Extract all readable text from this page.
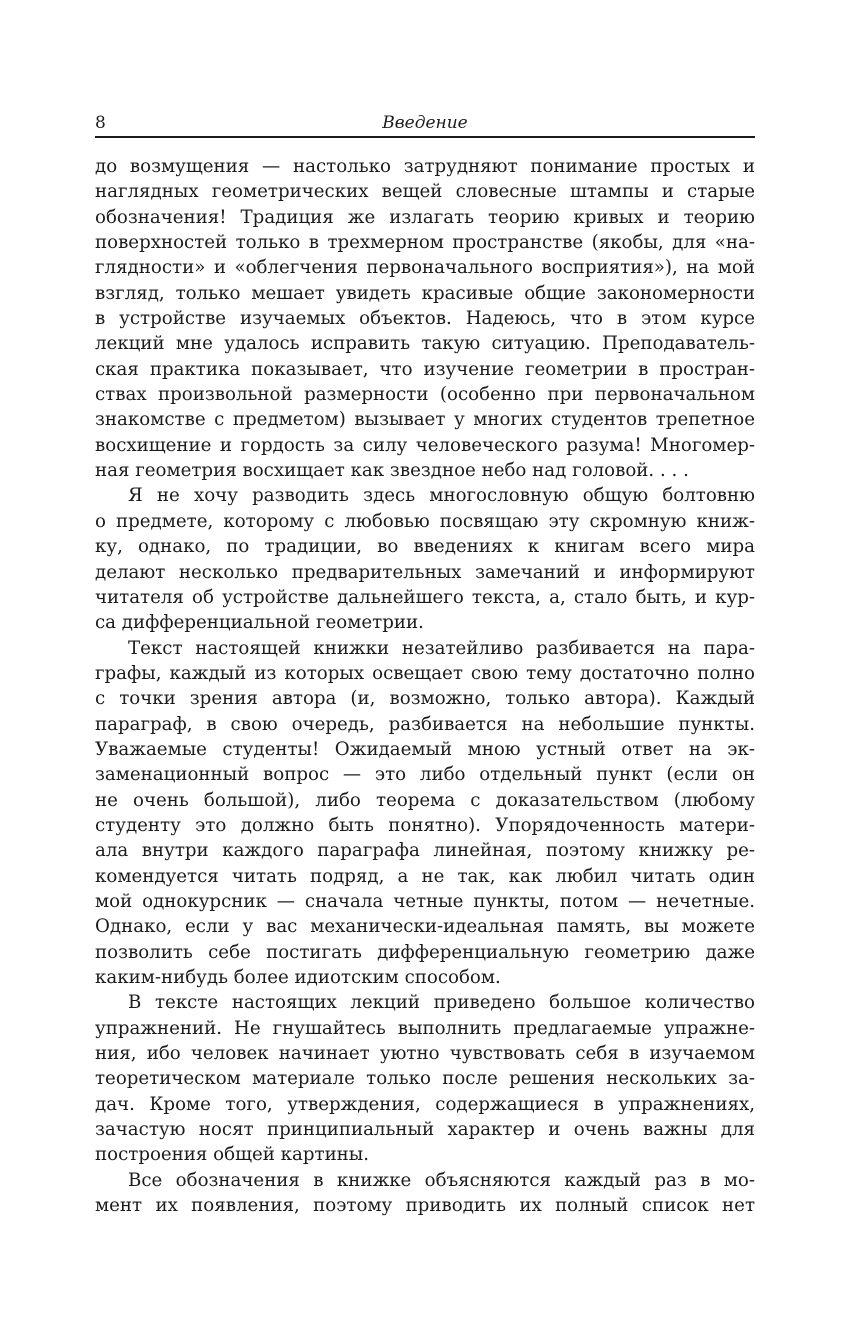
8	Введение
до возмущения — настолько затрудняют понимание простых и
наглядных геометрических вещей словесные штампы и старые
обозначения! Традиция же излагать теорию кривых и теорию
поверхностей только в трехмерном пространстве (якобы, для «на-
глядности» и «облегчения первоначального восприятия»), на мой
взгляд, только мешает увидеть красивые общие закономерности
в устройстве изучаемых объектов. Надеюсь, что в этом курсе
лекций мне удалось исправить такую ситуацию. Преподаватель-
ская практика показывает, что изучение геометрии в простран-
ствах произвольной размерности (особенно при первоначальном
знакомстве с предметом) вызывает у многих студентов трепетное
восхищение и гордость за силу человеческого разума! Многомер-
ная геометрия восхищает как звездное небо над головой. . . .
Я не хочу разводить здесь многословную общую болтовню
о предмете, которому с любовью посвящаю эту скромную книж-
ку, однако, по традиции, во введениях к книгам всего мира
делают несколько предварительных замечаний и информируют
читателя об устройстве дальнейшего текста, а, стало быть, и кур-
са дифференциальной геометрии.
Текст настоящей книжки незатейливо разбивается на пара-
графы, каждый из которых освещает свою тему достаточно полно
с точки зрения автора (и, возможно, только автора). Каждый
параграф, в свою очередь, разбивается на небольшие пункты.
Уважаемые студенты! Ожидаемый мною устный ответ на эк-
заменационный вопрос — это либо отдельный пункт (если он
не очень большой), либо теорема с доказательством (любому
студенту это должно быть понятно). Упорядоченность матери-
ала внутри каждого параграфа линейная, поэтому книжку ре-
комендуется читать подряд, а не так, как любил читать один
мой однокурсник — сначала четные пункты, потом — нечетные.
Однако, если у вас механически-идеальная память, вы можете
позволить себе постигать дифференциальную геометрию даже
каким-нибудь более идиотским способом.
В тексте настоящих лекций приведено большое количество
упражнений. Не гнушайтесь выполнить предлагаемые упражне-
ния, ибо человек начинает уютно чувствовать себя в изучаемом
теоретическом материале только после решения нескольких за-
дач. Кроме того, утверждения, содержащиеся в упражнениях,
зачастую носят принципиальный характер и очень важны для
построения общей картины.
Все обозначения в книжке объясняются каждый раз в мо-
мент их появления, поэтому приводить их полный список нет
